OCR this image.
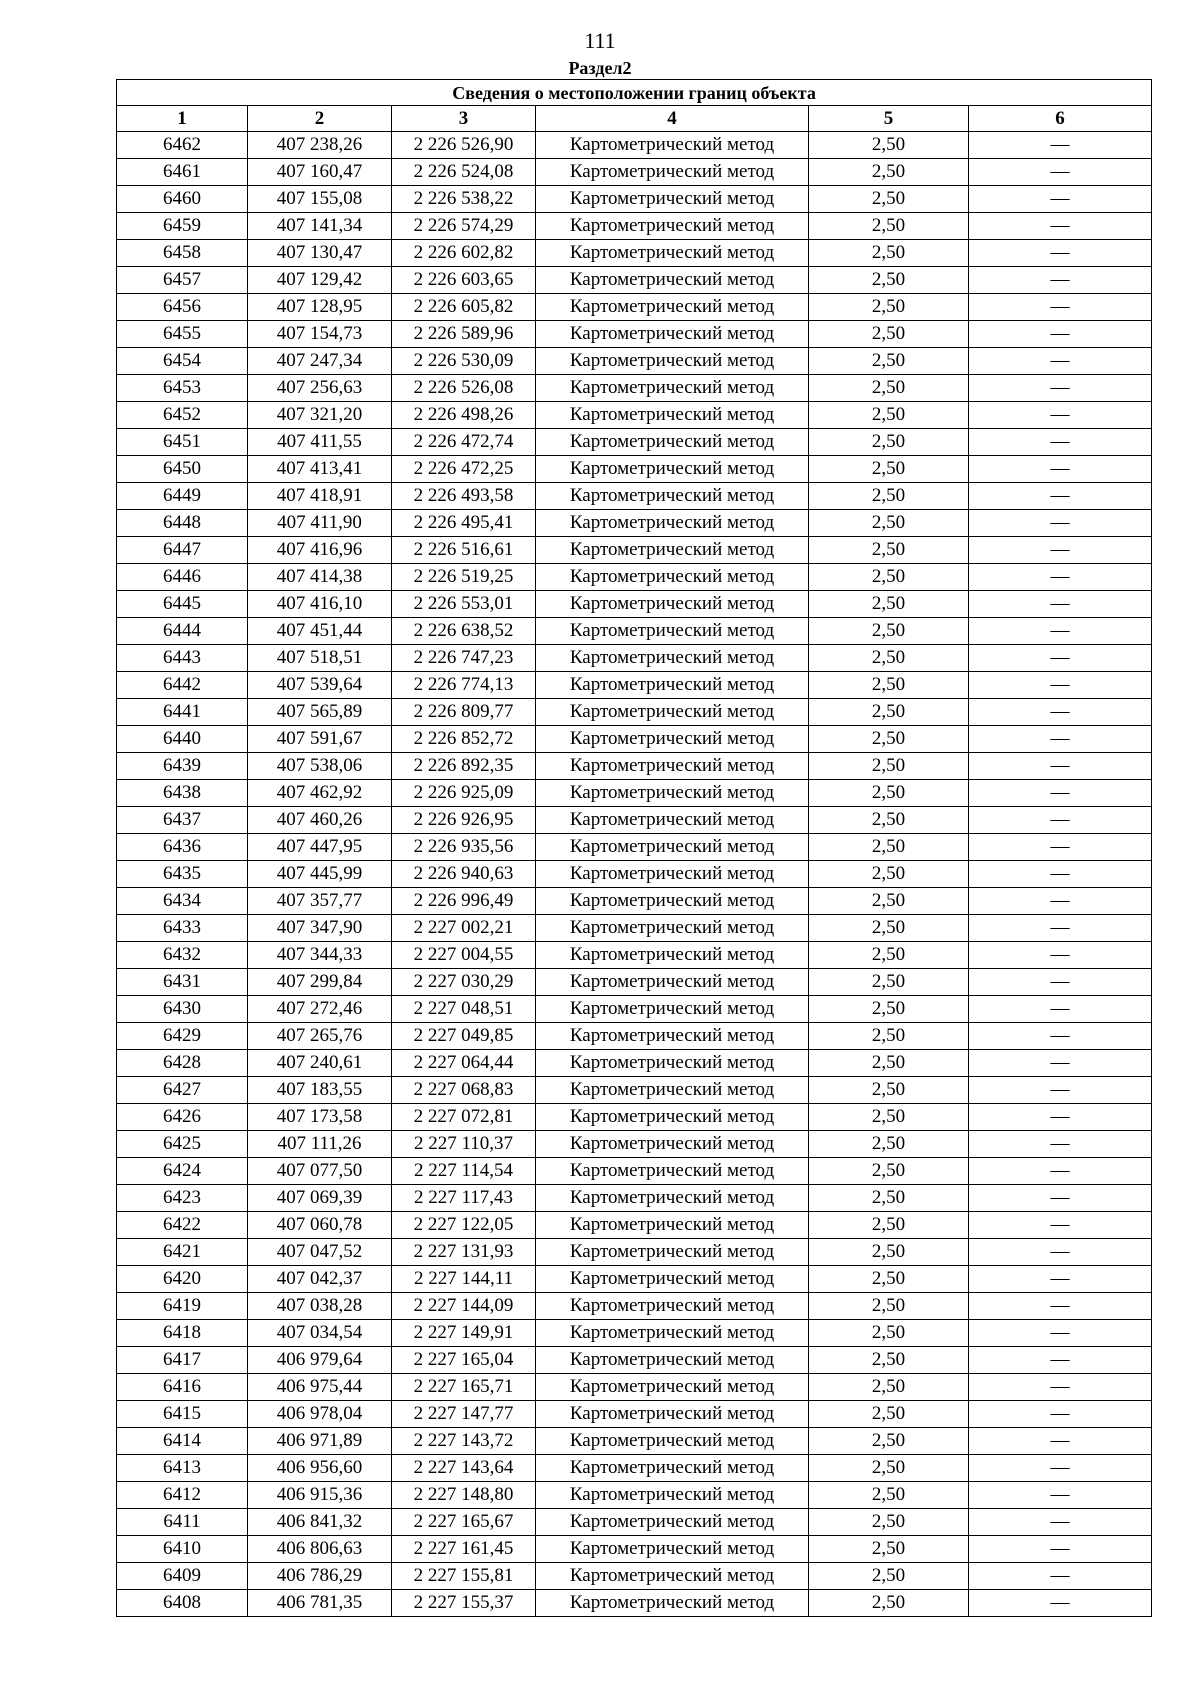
111
Раздел2
Сведения о местоположении границ объекта					
1	2	3	4	5	6
6462	407 238,26	2 226 526,90	Картометрический метод	2,50	—
6461	407 160,47	2 226 524,08	Картометрический метод	2,50	—
6460	407 155,08	2 226 538,22	Картометрический метод	2,50	—
6459	407 141,34	2 226 574,29	Картометрический метод	2,50	—
6458	407 130,47	2 226 602,82	Картометрический метод	2,50	—
6457	407 129,42	2 226 603,65	Картометрический метод	2,50	—
6456	407 128,95	2 226 605,82	Картометрический метод	2,50	—
6455	407 154,73	2 226 589,96	Картометрический метод	2,50	—
6454	407 247,34	2 226 530,09	Картометрический метод	2,50	—
6453	407 256,63	2 226 526,08	Картометрический метод	2,50	—
6452	407 321,20	2 226 498,26	Картометрический метод	2,50	—
6451	407 411,55	2 226 472,74	Картометрический метод	2,50	—
6450	407 413,41	2 226 472,25	Картометрический метод	2,50	—
6449	407 418,91	2 226 493,58	Картометрический метод	2,50	—
6448	407 411,90	2 226 495,41	Картометрический метод	2,50	—
6447	407 416,96	2 226 516,61	Картометрический метод	2,50	—
6446	407 414,38	2 226 519,25	Картометрический метод	2,50	—
6445	407 416,10	2 226 553,01	Картометрический метод	2,50	—
6444	407 451,44	2 226 638,52	Картометрический метод	2,50	—
6443	407 518,51	2 226 747,23	Картометрический метод	2,50	—
6442	407 539,64	2 226 774,13	Картометрический метод	2,50	—
6441	407 565,89	2 226 809,77	Картометрический метод	2,50	—
6440	407 591,67	2 226 852,72	Картометрический метод	2,50	—
6439	407 538,06	2 226 892,35	Картометрический метод	2,50	—
6438	407 462,92	2 226 925,09	Картометрический метод	2,50	—
6437	407 460,26	2 226 926,95	Картометрический метод	2,50	—
6436	407 447,95	2 226 935,56	Картометрический метод	2,50	—
6435	407 445,99	2 226 940,63	Картометрический метод	2,50	—
6434	407 357,77	2 226 996,49	Картометрический метод	2,50	—
6433	407 347,90	2 227 002,21	Картометрический метод	2,50	—
6432	407 344,33	2 227 004,55	Картометрический метод	2,50	—
6431	407 299,84	2 227 030,29	Картометрический метод	2,50	—
6430	407 272,46	2 227 048,51	Картометрический метод	2,50	—
6429	407 265,76	2 227 049,85	Картометрический метод	2,50	—
6428	407 240,61	2 227 064,44	Картометрический метод	2,50	—
6427	407 183,55	2 227 068,83	Картометрический метод	2,50	—
6426	407 173,58	2 227 072,81	Картометрический метод	2,50	—
6425	407 111,26	2 227 110,37	Картометрический метод	2,50	—
6424	407 077,50	2 227 114,54	Картометрический метод	2,50	—
6423	407 069,39	2 227 117,43	Картометрический метод	2,50	—
6422	407 060,78	2 227 122,05	Картометрический метод	2,50	—
6421	407 047,52	2 227 131,93	Картометрический метод	2,50	—
6420	407 042,37	2 227 144,11	Картометрический метод	2,50	—
6419	407 038,28	2 227 144,09	Картометрический метод	2,50	—
6418	407 034,54	2 227 149,91	Картометрический метод	2,50	—
6417	406 979,64	2 227 165,04	Картометрический метод	2,50	—
6416	406 975,44	2 227 165,71	Картометрический метод	2,50	—
6415	406 978,04	2 227 147,77	Картометрический метод	2,50	—
6414	406 971,89	2 227 143,72	Картометрический метод	2,50	—
6413	406 956,60	2 227 143,64	Картометрический метод	2,50	—
6412	406 915,36	2 227 148,80	Картометрический метод	2,50	—
6411	406 841,32	2 227 165,67	Картометрический метод	2,50	—
6410	406 806,63	2 227 161,45	Картометрический метод	2,50	—
6409	406 786,29	2 227 155,81	Картометрический метод	2,50	—
6408	406 781,35	2 227 155,37	Картометрический метод	2,50	—
